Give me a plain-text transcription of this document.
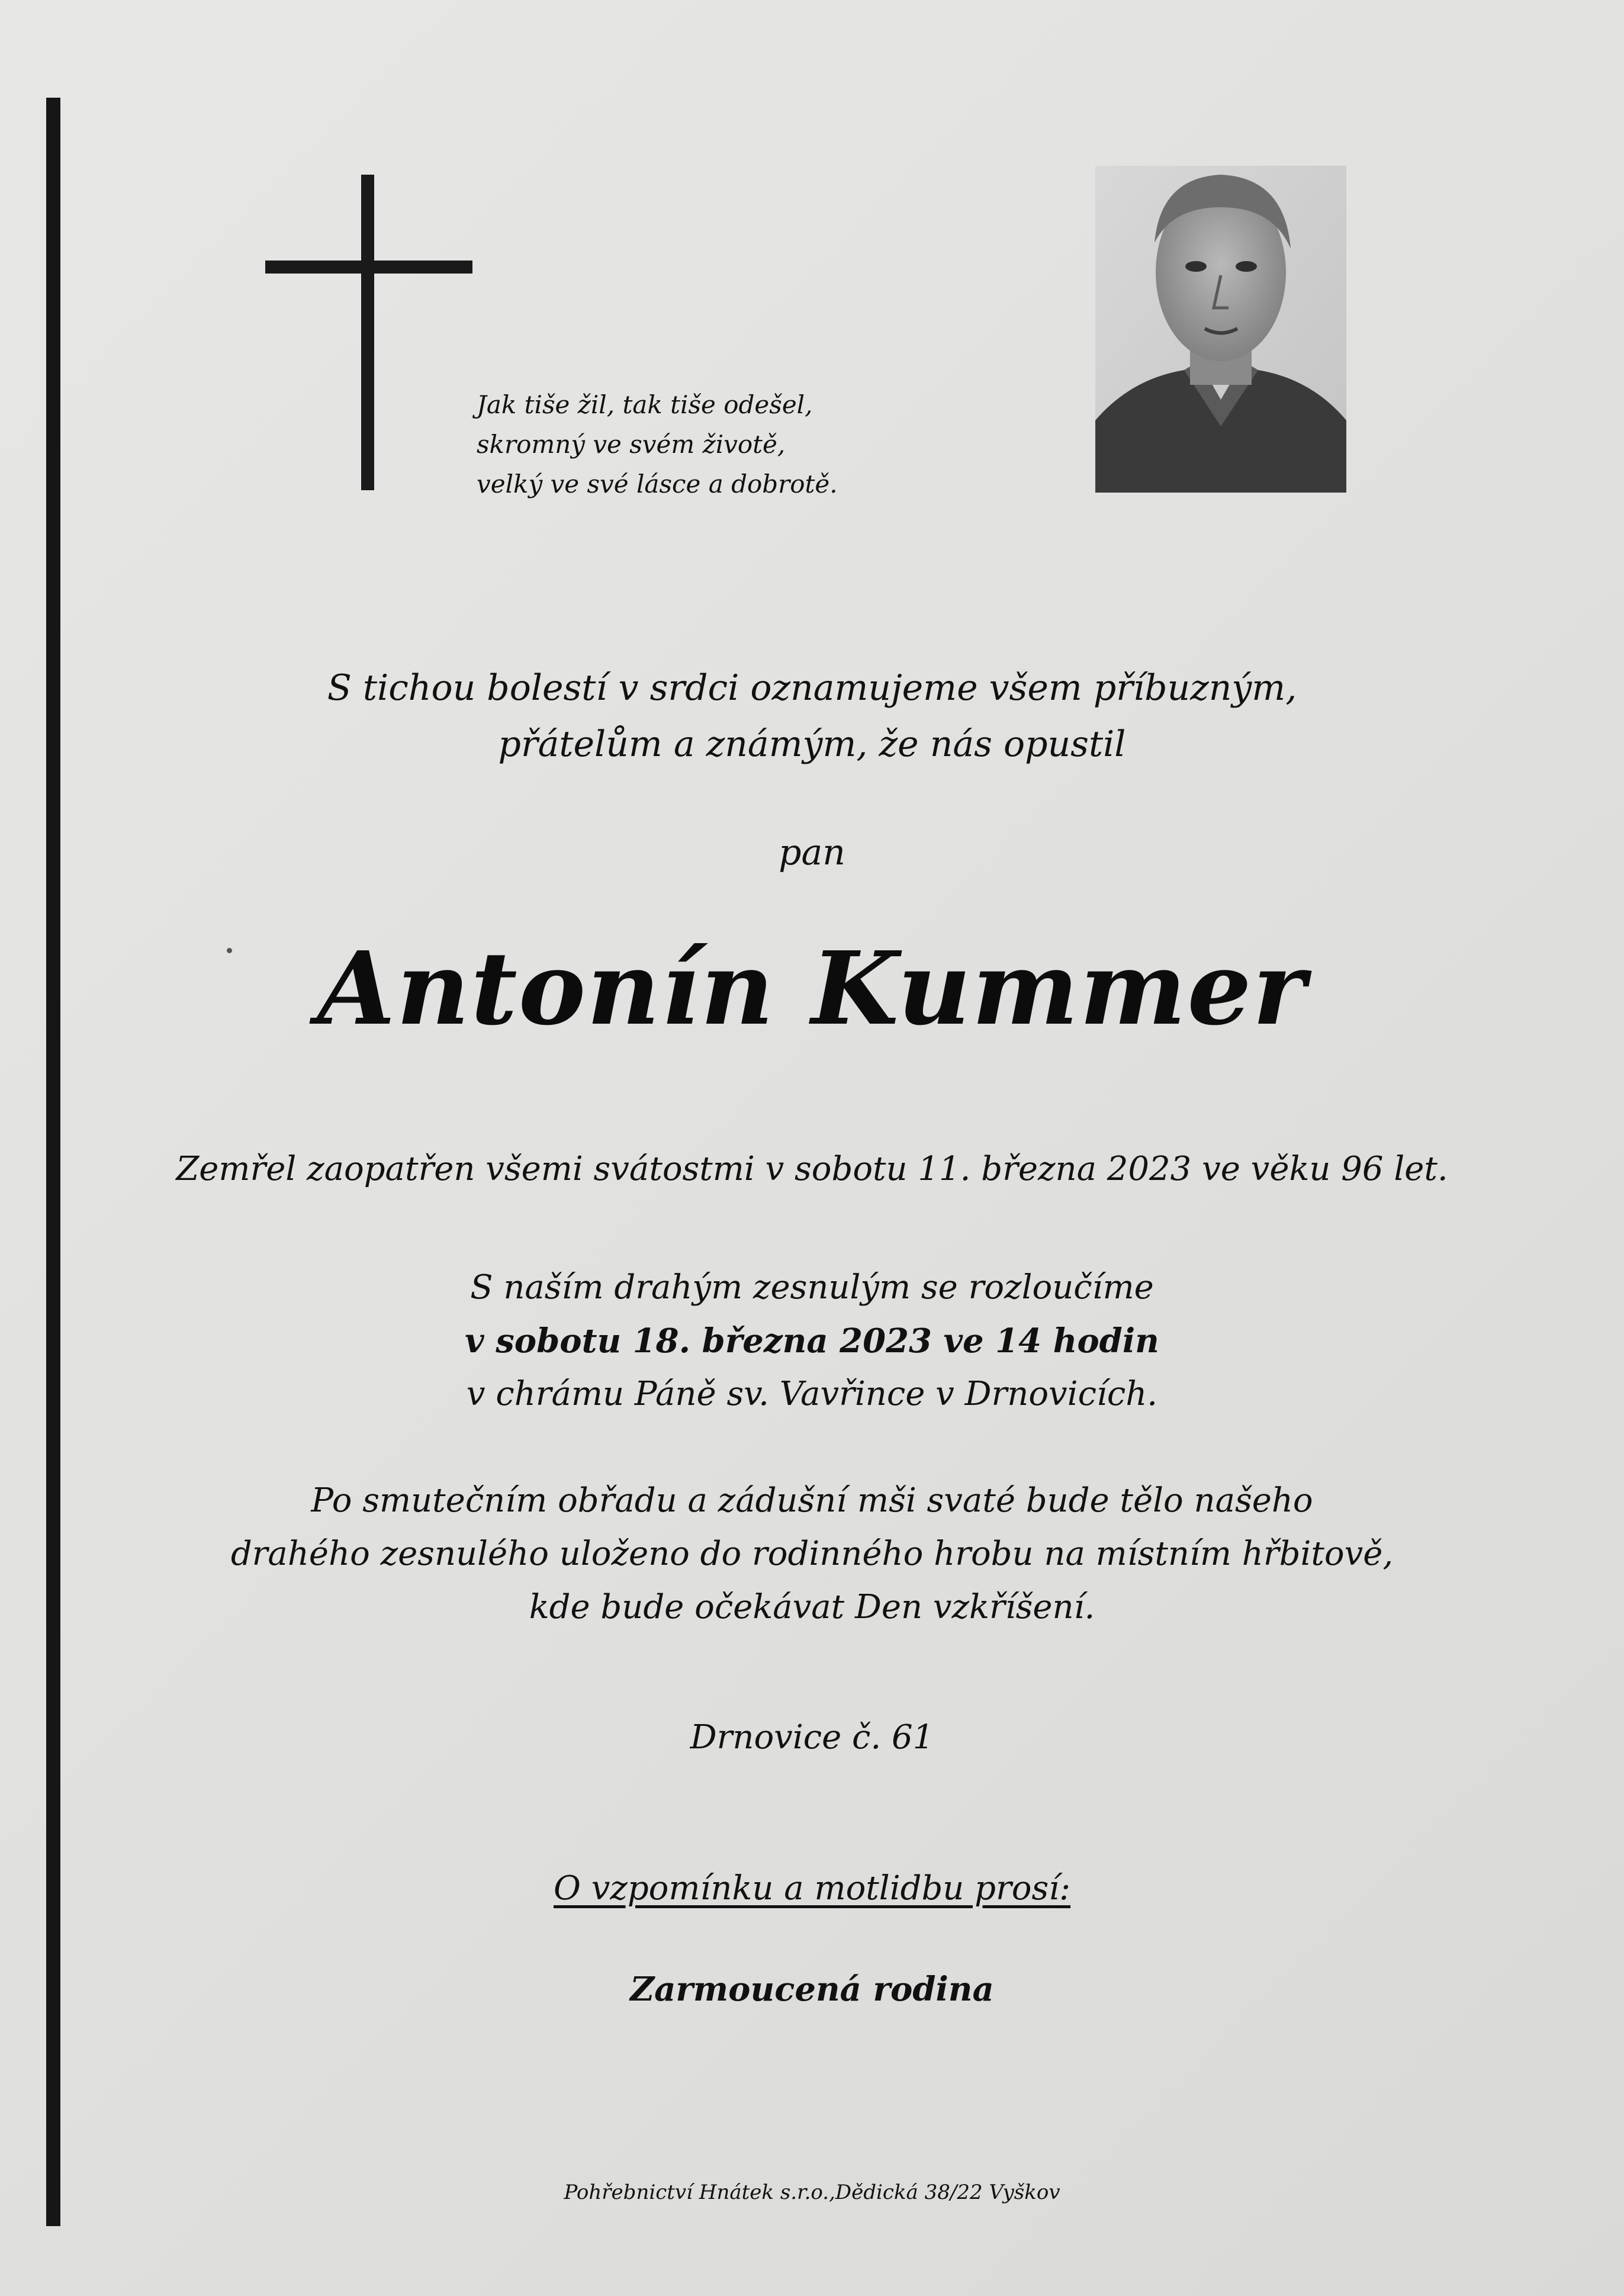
Jak tiše žil, tak tiše odešel,
skromný ve svém životě,
velký ve své lásce a dobrotě.
S tichou bolestí v srdci oznamujeme všem příbuzným,
přátelům a známým, že nás opustil
pan
Antonín Kummer
Zemřel zaopatřen všemi svátostmi v sobotu 11. března 2023 ve věku 96 let.
S naším drahým zesnulým se rozloučíme
v sobotu 18. března 2023 ve 14 hodin
v chrámu Páně sv. Vavřince v Drnovicích.
Po smutečním obřadu a zádušní mši svaté bude tělo našeho
drahého zesnulého uloženo do rodinného hrobu na místním hřbitově,
kde bude očekávat Den vzkříšení.
Drnovice č. 61
O vzpomínku a motlidbu prosí:
Zarmoucená rodina
Pohřebnictví Hnátek s.r.o.,Dědická 38/22 Vyškov
